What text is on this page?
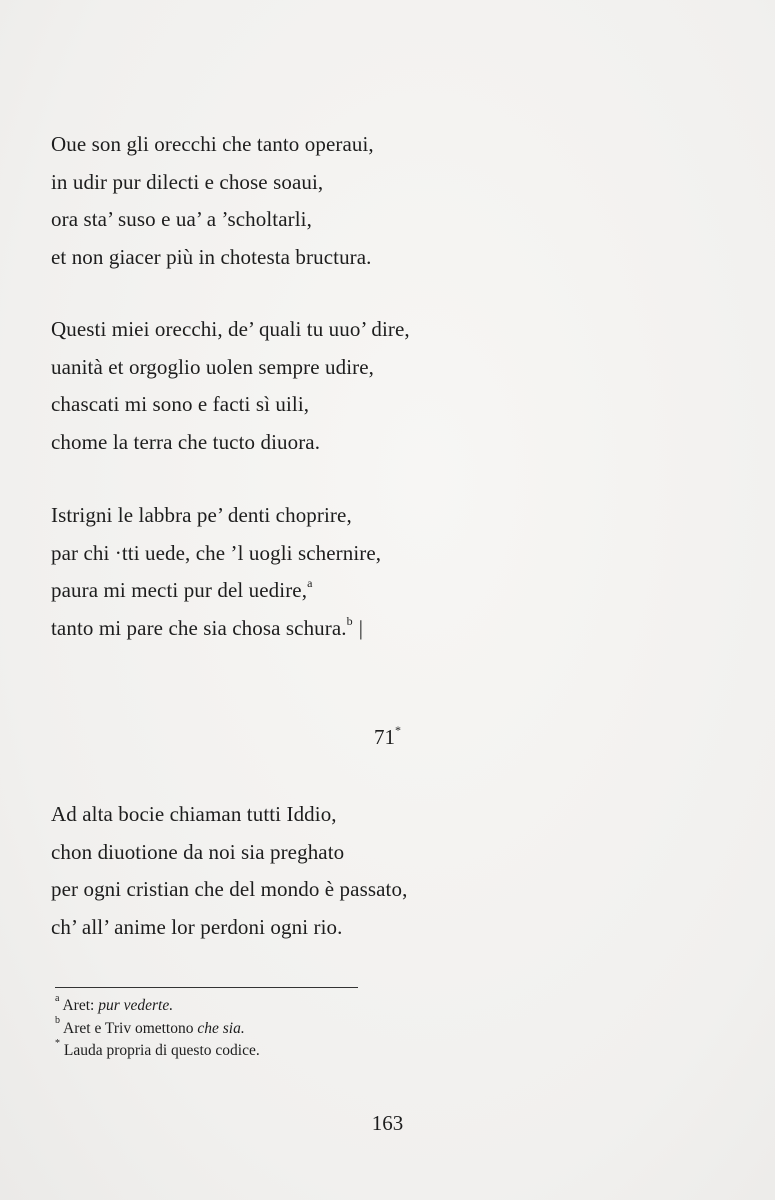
Oue son gli orecchi che tanto operaui,
in udir pur dilecti e chose soaui,
ora sta’ suso e ua’ a ’scholtarli,
et non giacer più in chotesta bructura.
Questi miei orecchi, de’ quali tu uuo’ dire,
uanità et orgoglio uolen sempre udire,
chascati mi sono e facti sì uili,
chome la terra che tucto diuora.
Istrigni le labbra pe’ denti choprire,
par chi ·tti uede, che ’l uogli schernire,
paura mi mecti pur del uedire,$^a$
tanto mi pare che sia chosa schura.$^b$ |
71*
Ad alta bocie chiaman tutti Iddio,
chon diuotione da noi sia preghato
per ogni cristian che del mondo è passato,
ch’ all’ anime lor perdoni ogni rio.
$^a$ Aret: pur vederte.
$^b$ Aret e Triv omettono che sia.
* Lauda propria di questo codice.
163
